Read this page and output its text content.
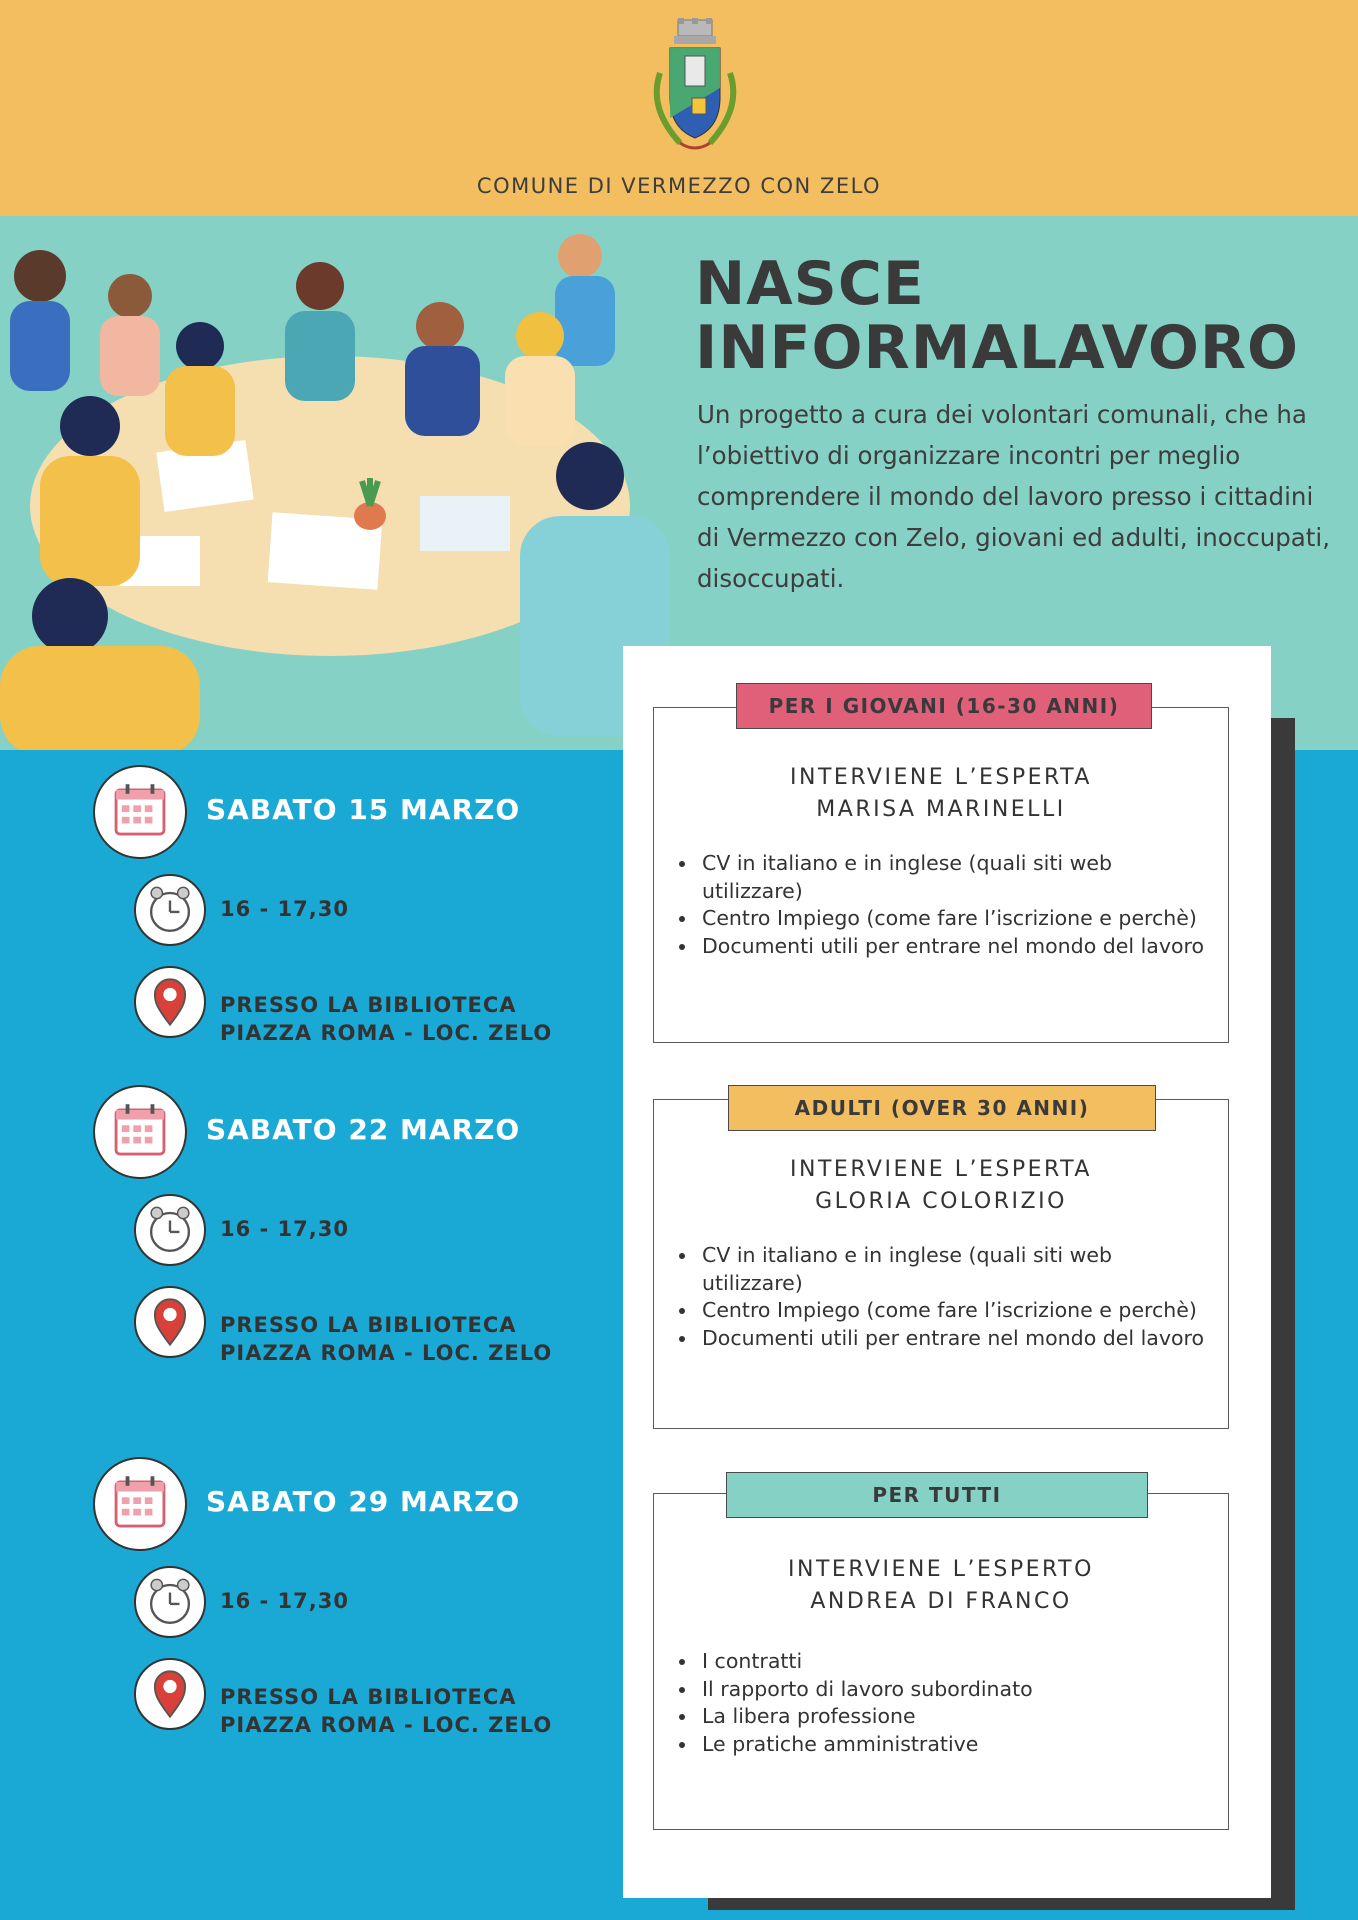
COMUNE DI VERMEZZO CON ZELO
NASCE
INFORMALAVORO
Un progetto a cura dei volontari comunali, che ha l’obiettivo di organizzare incontri per meglio comprendere il mondo del lavoro presso i cittadini di Vermezzo con Zelo, giovani ed adulti, inoccupati, disoccupati.
INTERVIENE L’ESPERTA
MARISA MARINELLI
• CV in italiano e in inglese (quali siti web utilizzare)
• Centro Impiego (come fare l’iscrizione e perchè)
• Documenti utili per entrare nel mondo del lavoro
PER I GIOVANI (16-30 ANNI)
INTERVIENE L’ESPERTA
GLORIA COLORIZIO
• CV in italiano e in inglese (quali siti web utilizzare)
• Centro Impiego (come fare l’iscrizione e perchè)
• Documenti utili per entrare nel mondo del lavoro
ADULTI (OVER 30 ANNI)
INTERVIENE L’ESPERTO
ANDREA DI FRANCO
• I contratti
• Il rapporto di lavoro subordinato
• La libera professione
• Le pratiche amministrative
PER TUTTI
SABATO 15 MARZO
16 - 17,30
PRESSO LA BIBLIOTECA
PIAZZA ROMA - LOC. ZELO
SABATO 22 MARZO
16 - 17,30
PRESSO LA BIBLIOTECA
PIAZZA ROMA - LOC. ZELO
SABATO 29 MARZO
16 - 17,30
PRESSO LA BIBLIOTECA
PIAZZA ROMA - LOC. ZELO
